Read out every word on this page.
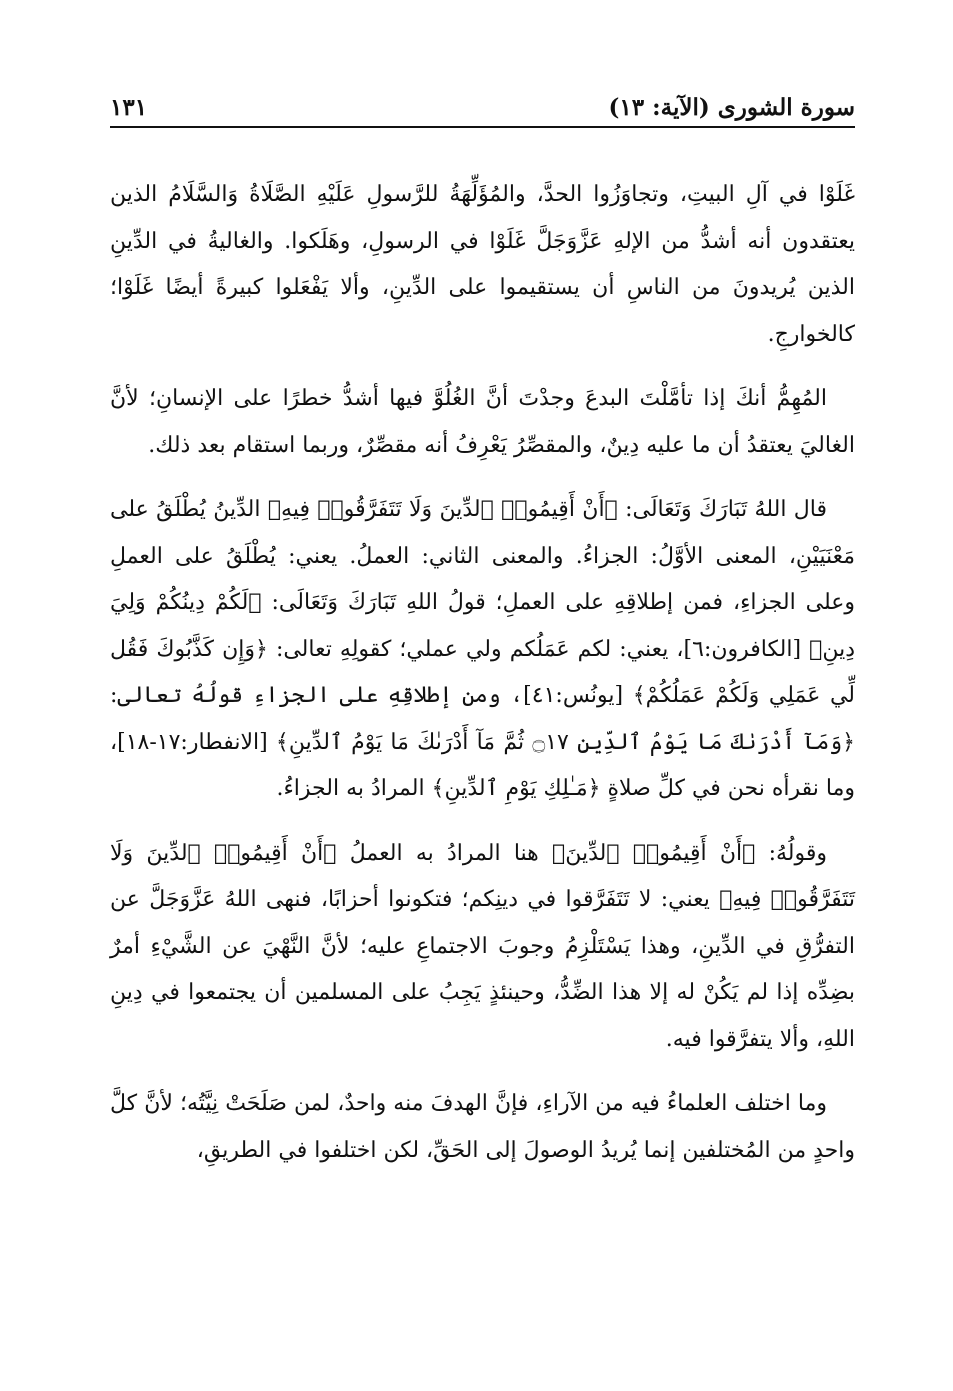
سورة الشورى (الآية: ١٣)
١٣١

غَلَوْا في آلِ البيتِ، وتجاوَزُوا الحدَّ، والمُؤَلِّهَةُ للرَّسولِ عَلَيْهِ الصَّلَاةُ وَالسَّلَامُ الذين يعتقدون أنه أشدُّ من الإلهِ عَزَّوَجَلَّ غَلَوْا في الرسولِ، وهَلَكوا. والغاليةُ في الدِّينِ الذين يُريدونَ من الناسِ أن يستقيموا على الدِّينِ، وألا يَفْعَلوا كبيرةً أيضًا غَلَوْا؛ كالخوارجِ.

المُهِمُّ أنكَ إذا تأمَّلْتَ البدعَ وجدْتَ أنَّ الغُلُوَّ فيها أشدُّ خطرًا على الإنسانِ؛ لأنَّ الغاليَ يعتقدُ أن ما عليه دِينٌ، والمقصِّرُ يَعْرِفُ أنه مقصِّرٌ، وربما استقام بعد ذلك.

قال اللهُ تَبَارَكَ وَتَعَالَى: ﴿أَنْ أَقِيمُوا۟ ٱلدِّينَ وَلَا تَتَفَرَّقُوا۟ فِيهِ﴾ الدِّينُ يُطْلَقُ على مَعْنَيَيْنِ، المعنى الأوَّلُ: الجزاءُ. والمعنى الثاني: العملُ. يعني: يُطْلَقُ على العملِ وعلى الجزاءِ، فمن إطلاقِهِ على العملِ؛ قولُ اللهِ تَبَارَكَ وَتَعَالَى: ﴿لَكُمْ دِينُكُمْ وَلِيَ دِينِ﴾ [الكافرون:٦]، يعني: لكم عَمَلُكم ولي عملي؛ كقولِهِ تعالى: ﴿وَإِن كَذَّبُوكَ فَقُل لِّي عَمَلِي وَلَكُمْ عَمَلُكُمْ﴾ [يونُس:٤١]، ومن إطلاقِهِ على الجزاءِ قولُهُ تعالى: ﴿وَمَآ أَدْرَىٰكَ مَا يَوْمُ ٱلدِّينِ ۝١٧ ثُمَّ مَآ أَدْرَىٰكَ مَا يَوْمُ ٱلدِّينِ﴾ [الانفطار:١٧-١٨]، وما نقرأه نحن في كلِّ صلاةٍ ﴿مَـٰلِكِ يَوْمِ ٱلدِّينِ﴾ المرادُ به الجزاءُ.

وقولُهُ: ﴿أَنْ أَقِيمُوا۟ ٱلدِّينَ﴾ هنا المرادُ به العملُ ﴿أَنْ أَقِيمُوا۟ ٱلدِّينَ وَلَا تَتَفَرَّقُوا۟ فِيهِ﴾ يعني: لا تَتَفَرَّقوا في دينِكم؛ فتكونوا أحزابًا، فنهى اللهُ عَزَّوَجَلَّ عن التفرُّقِ في الدِّينِ، وهذا يَسْتَلْزِمُ وجوبَ الاجتماعِ عليه؛ لأنَّ النَّهْيَ عن الشَّيْءِ أمرٌ بضِدِّه إذا لم يَكُنْ له إلا هذا الضِّدُّ، وحينئذٍ يَجِبُ على المسلمين أن يجتمعوا في دِينِ اللهِ، وألا يتفرَّقوا فيه.

وما اختلف العلماءُ فيه من الآراءِ، فإنَّ الهدفَ منه واحدٌ، لمن صَلَحَتْ نِيَّتُه؛ لأنَّ كلَّ واحدٍ من المُختلفين إنما يُريدُ الوصولَ إلى الحَقِّ، لكن اختلفوا في الطريقِ،
